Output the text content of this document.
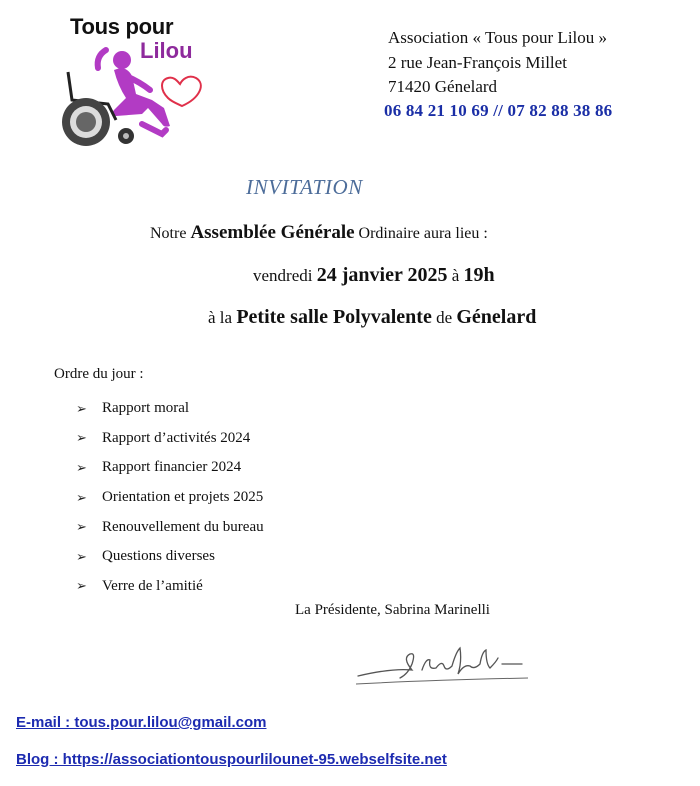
Tous pour
Lilou
Association « Tous pour Lilou »
2 rue Jean-François Millet
71420 Génelard
06 84 21 10 69 // 07 82 88 38 86
INVITATION
Notre Assemblée Générale Ordinaire aura lieu :
vendredi 24 janvier 2025 à 19h
à la Petite salle Polyvalente de Génelard
Ordre du jour :
➢	Rapport moral
➢	Rapport d’activités 2024
➢	Rapport financier 2024
➢	Orientation et projets 2025
➢	Renouvellement du bureau
➢	Questions diverses
➢	Verre de l’amitié
La Présidente, Sabrina Marinelli
E-mail : tous.pour.lilou@gmail.com
Blog : https://associationtouspourlilounet-95.webselfsite.net
